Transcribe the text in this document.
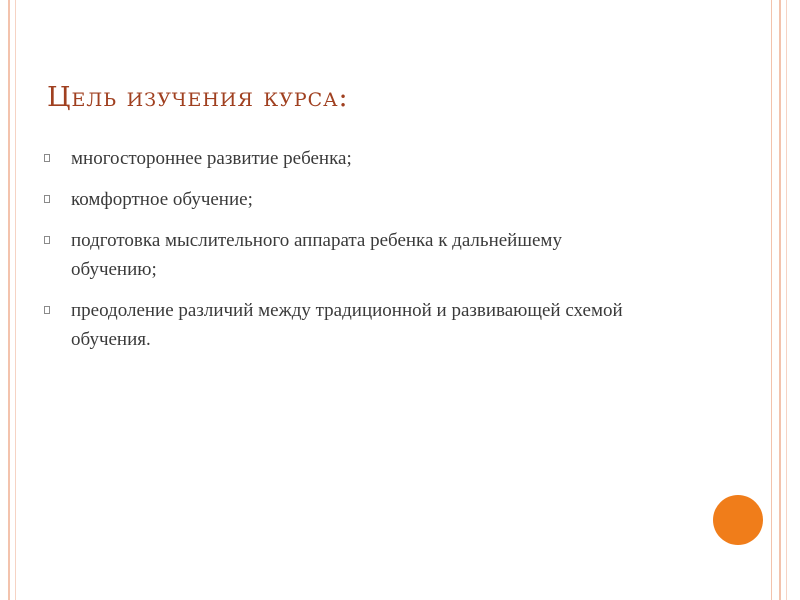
Цель изучения курса:
многостороннее развитие ребенка;
комфортное обучение;
подготовка мыслительного аппарата ребенка к дальнейшему обучению;
преодоление различий между традиционной и развивающей схемой обучения.
